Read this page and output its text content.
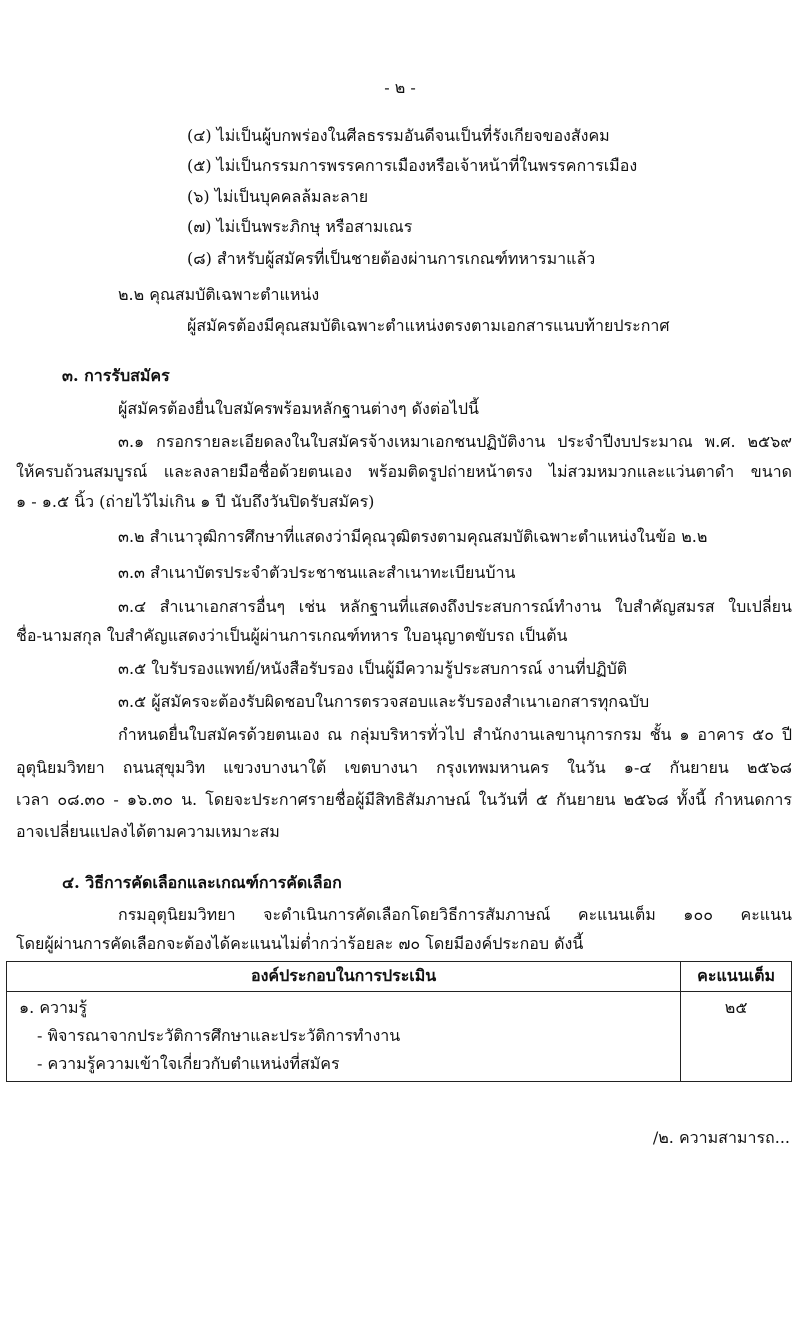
- ๒ -
(๔) ไม่เป็นผู้บกพร่องในศีลธรรมอันดีจนเป็นที่รังเกียจของสังคม
(๕) ไม่เป็นกรรมการพรรคการเมืองหรือเจ้าหน้าที่ในพรรคการเมือง
(๖) ไม่เป็นบุคคลล้มละลาย
(๗) ไม่เป็นพระภิกษุ หรือสามเณร
(๘) สำหรับผู้สมัครที่เป็นชายต้องผ่านการเกณฑ์ทหารมาแล้ว
๒.๒ คุณสมบัติเฉพาะตำแหน่ง
ผู้สมัครต้องมีคุณสมบัติเฉพาะตำแหน่งตรงตามเอกสารแนบท้ายประกาศ
๓. การรับสมัคร
ผู้สมัครต้องยื่นใบสมัครพร้อมหลักฐานต่างๆ ดังต่อไปนี้
๓.๑ กรอกรายละเอียดลงในใบสมัครจ้างเหมาเอกชนปฏิบัติงาน ประจำปีงบประมาณ พ.ศ. ๒๕๖๙
ให้ครบถ้วนสมบูรณ์ และลงลายมือชื่อด้วยตนเอง พร้อมติดรูปถ่ายหน้าตรง ไม่สวมหมวกและแว่นตาดำ ขนาด
๑ - ๑.๕ นิ้ว (ถ่ายไว้ไม่เกิน ๑ ปี นับถึงวันปิดรับสมัคร)
๓.๒ สำเนาวุฒิการศึกษาที่แสดงว่ามีคุณวุฒิตรงตามคุณสมบัติเฉพาะตำแหน่งในข้อ ๒.๒
๓.๓ สำเนาบัตรประจำตัวประชาชนและสำเนาทะเบียนบ้าน
๓.๔ สำเนาเอกสารอื่นๆ เช่น หลักฐานที่แสดงถึงประสบการณ์ทำงาน ใบสำคัญสมรส ใบเปลี่ยน
ชื่อ-นามสกุล ใบสำคัญแสดงว่าเป็นผู้ผ่านการเกณฑ์ทหาร ใบอนุญาตขับรถ เป็นต้น
๓.๕ ใบรับรองแพทย์/หนังสือรับรอง เป็นผู้มีความรู้ประสบการณ์ งานที่ปฏิบัติ
๓.๕ ผู้สมัครจะต้องรับผิดชอบในการตรวจสอบและรับรองสำเนาเอกสารทุกฉบับ
กำหนดยื่นใบสมัครด้วยตนเอง ณ กลุ่มบริหารทั่วไป สำนักงานเลขานุการกรม ชั้น ๑ อาคาร ๕๐ ปี
อุตุนิยมวิทยา ถนนสุขุมวิท แขวงบางนาใต้ เขตบางนา กรุงเทพมหานคร ในวัน ๑-๔ กันยายน ๒๕๖๘
เวลา ๐๘.๓๐ - ๑๖.๓๐ น. โดยจะประกาศรายชื่อผู้มีสิทธิสัมภาษณ์ ในวันที่ ๕ กันยายน ๒๕๖๘ ทั้งนี้ กำหนดการ
อาจเปลี่ยนแปลงได้ตามความเหมาะสม
๔. วิธีการคัดเลือกและเกณฑ์การคัดเลือก
กรมอุตุนิยมวิทยา จะดำเนินการคัดเลือกโดยวิธีการสัมภาษณ์ คะแนนเต็ม ๑๐๐ คะแนน
โดยผู้ผ่านการคัดเลือกจะต้องได้คะแนนไม่ต่ำกว่าร้อยละ ๗๐ โดยมีองค์ประกอบ ดังนี้
องค์ประกอบในการประเมิน	คะแนนเต็ม

๑. ความรู้
- พิจารณาจากประวัติการศึกษาและประวัติการทำงาน
- ความรู้ความเข้าใจเกี่ยวกับตำแหน่งที่สมัคร	๒๕
/๒. ความสามารถ...
